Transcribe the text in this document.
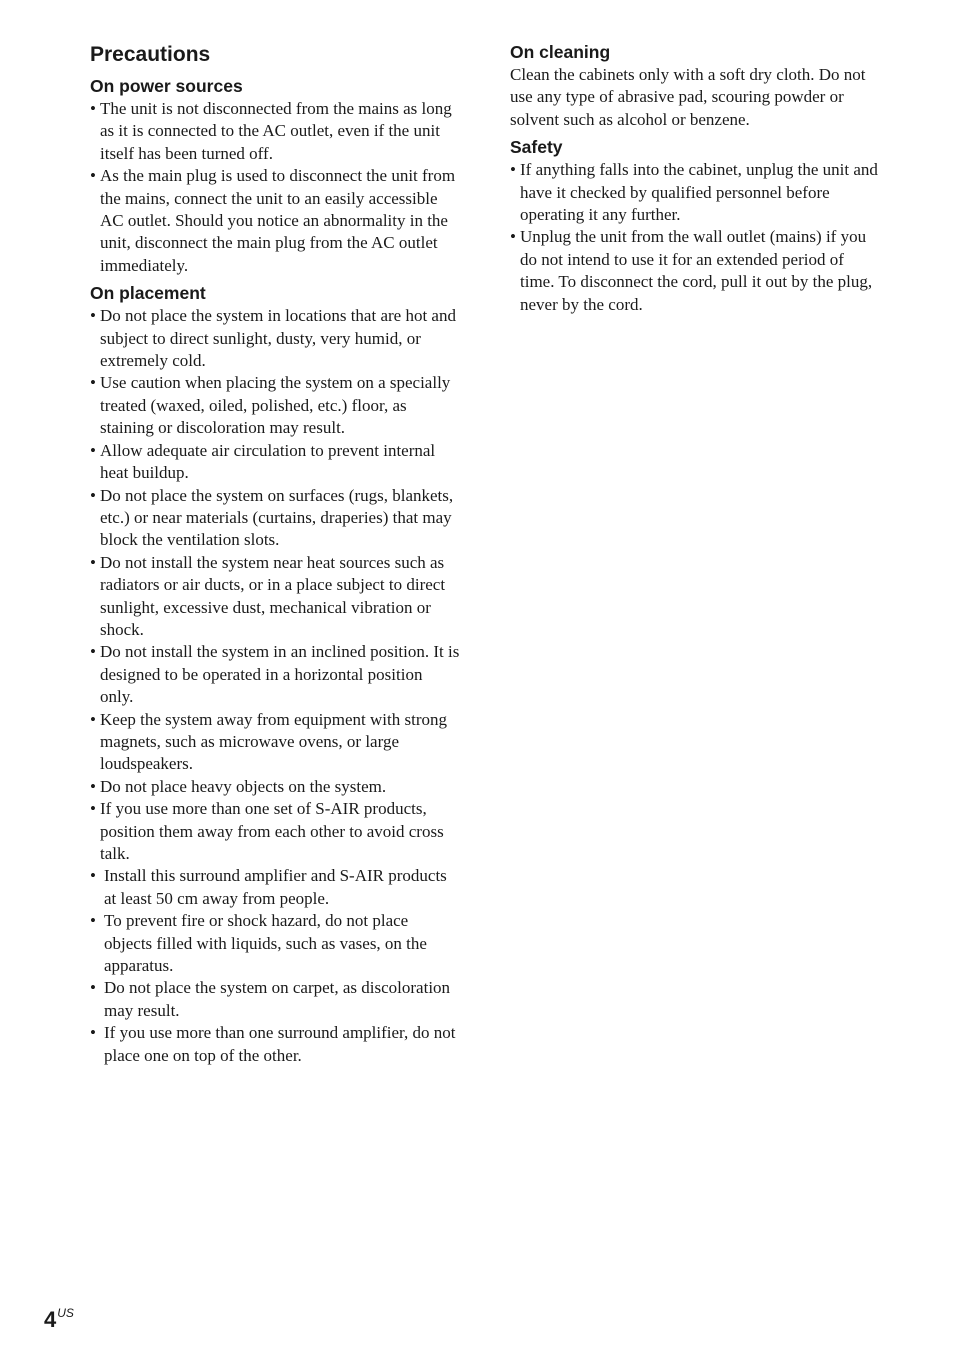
Precautions
On power sources
• The unit is not disconnected from the mains as long as it is connected to the AC outlet, even if the unit itself has been turned off.
• As the main plug is used to disconnect the unit from the mains, connect the unit to an easily accessible AC outlet. Should you notice an abnormality in the unit, disconnect the main plug from the AC outlet immediately.
On placement
• Do not place the system in locations that are hot and subject to direct sunlight, dusty, very humid, or extremely cold.
• Use caution when placing the system on a specially treated (waxed, oiled, polished, etc.) floor, as staining or discoloration may result.
• Allow adequate air circulation to prevent internal heat buildup.
• Do not place the system on surfaces (rugs, blankets, etc.) or near materials (curtains, draperies) that may block the ventilation slots.
• Do not install the system near heat sources such as radiators or air ducts, or in a place subject to direct sunlight, excessive dust, mechanical vibration or shock.
• Do not install the system in an inclined position. It is designed to be operated in a horizontal position only.
• Keep the system away from equipment with strong magnets, such as microwave ovens, or large loudspeakers.
• Do not place heavy objects on the system.
• If you use more than one set of S-AIR products, position them away from each other to avoid cross talk.
• Install this surround amplifier and S-AIR products at least 50 cm away from people.
• To prevent fire or shock hazard, do not place objects filled with liquids, such as vases, on the apparatus.
• Do not place the system on carpet, as discoloration may result.
• If you use more than one surround amplifier, do not place one on top of the other.
On cleaning

Clean the cabinets only with a soft dry cloth. Do not use any type of abrasive pad, scouring powder or solvent such as alcohol or benzene.

Safety
• If anything falls into the cabinet, unplug the unit and have it checked by qualified personnel before operating it any further.
• Unplug the unit from the wall outlet (mains) if you do not intend to use it for an extended period of time. To disconnect the cord, pull it out by the plug, never by the cord.
$4^{US}$
